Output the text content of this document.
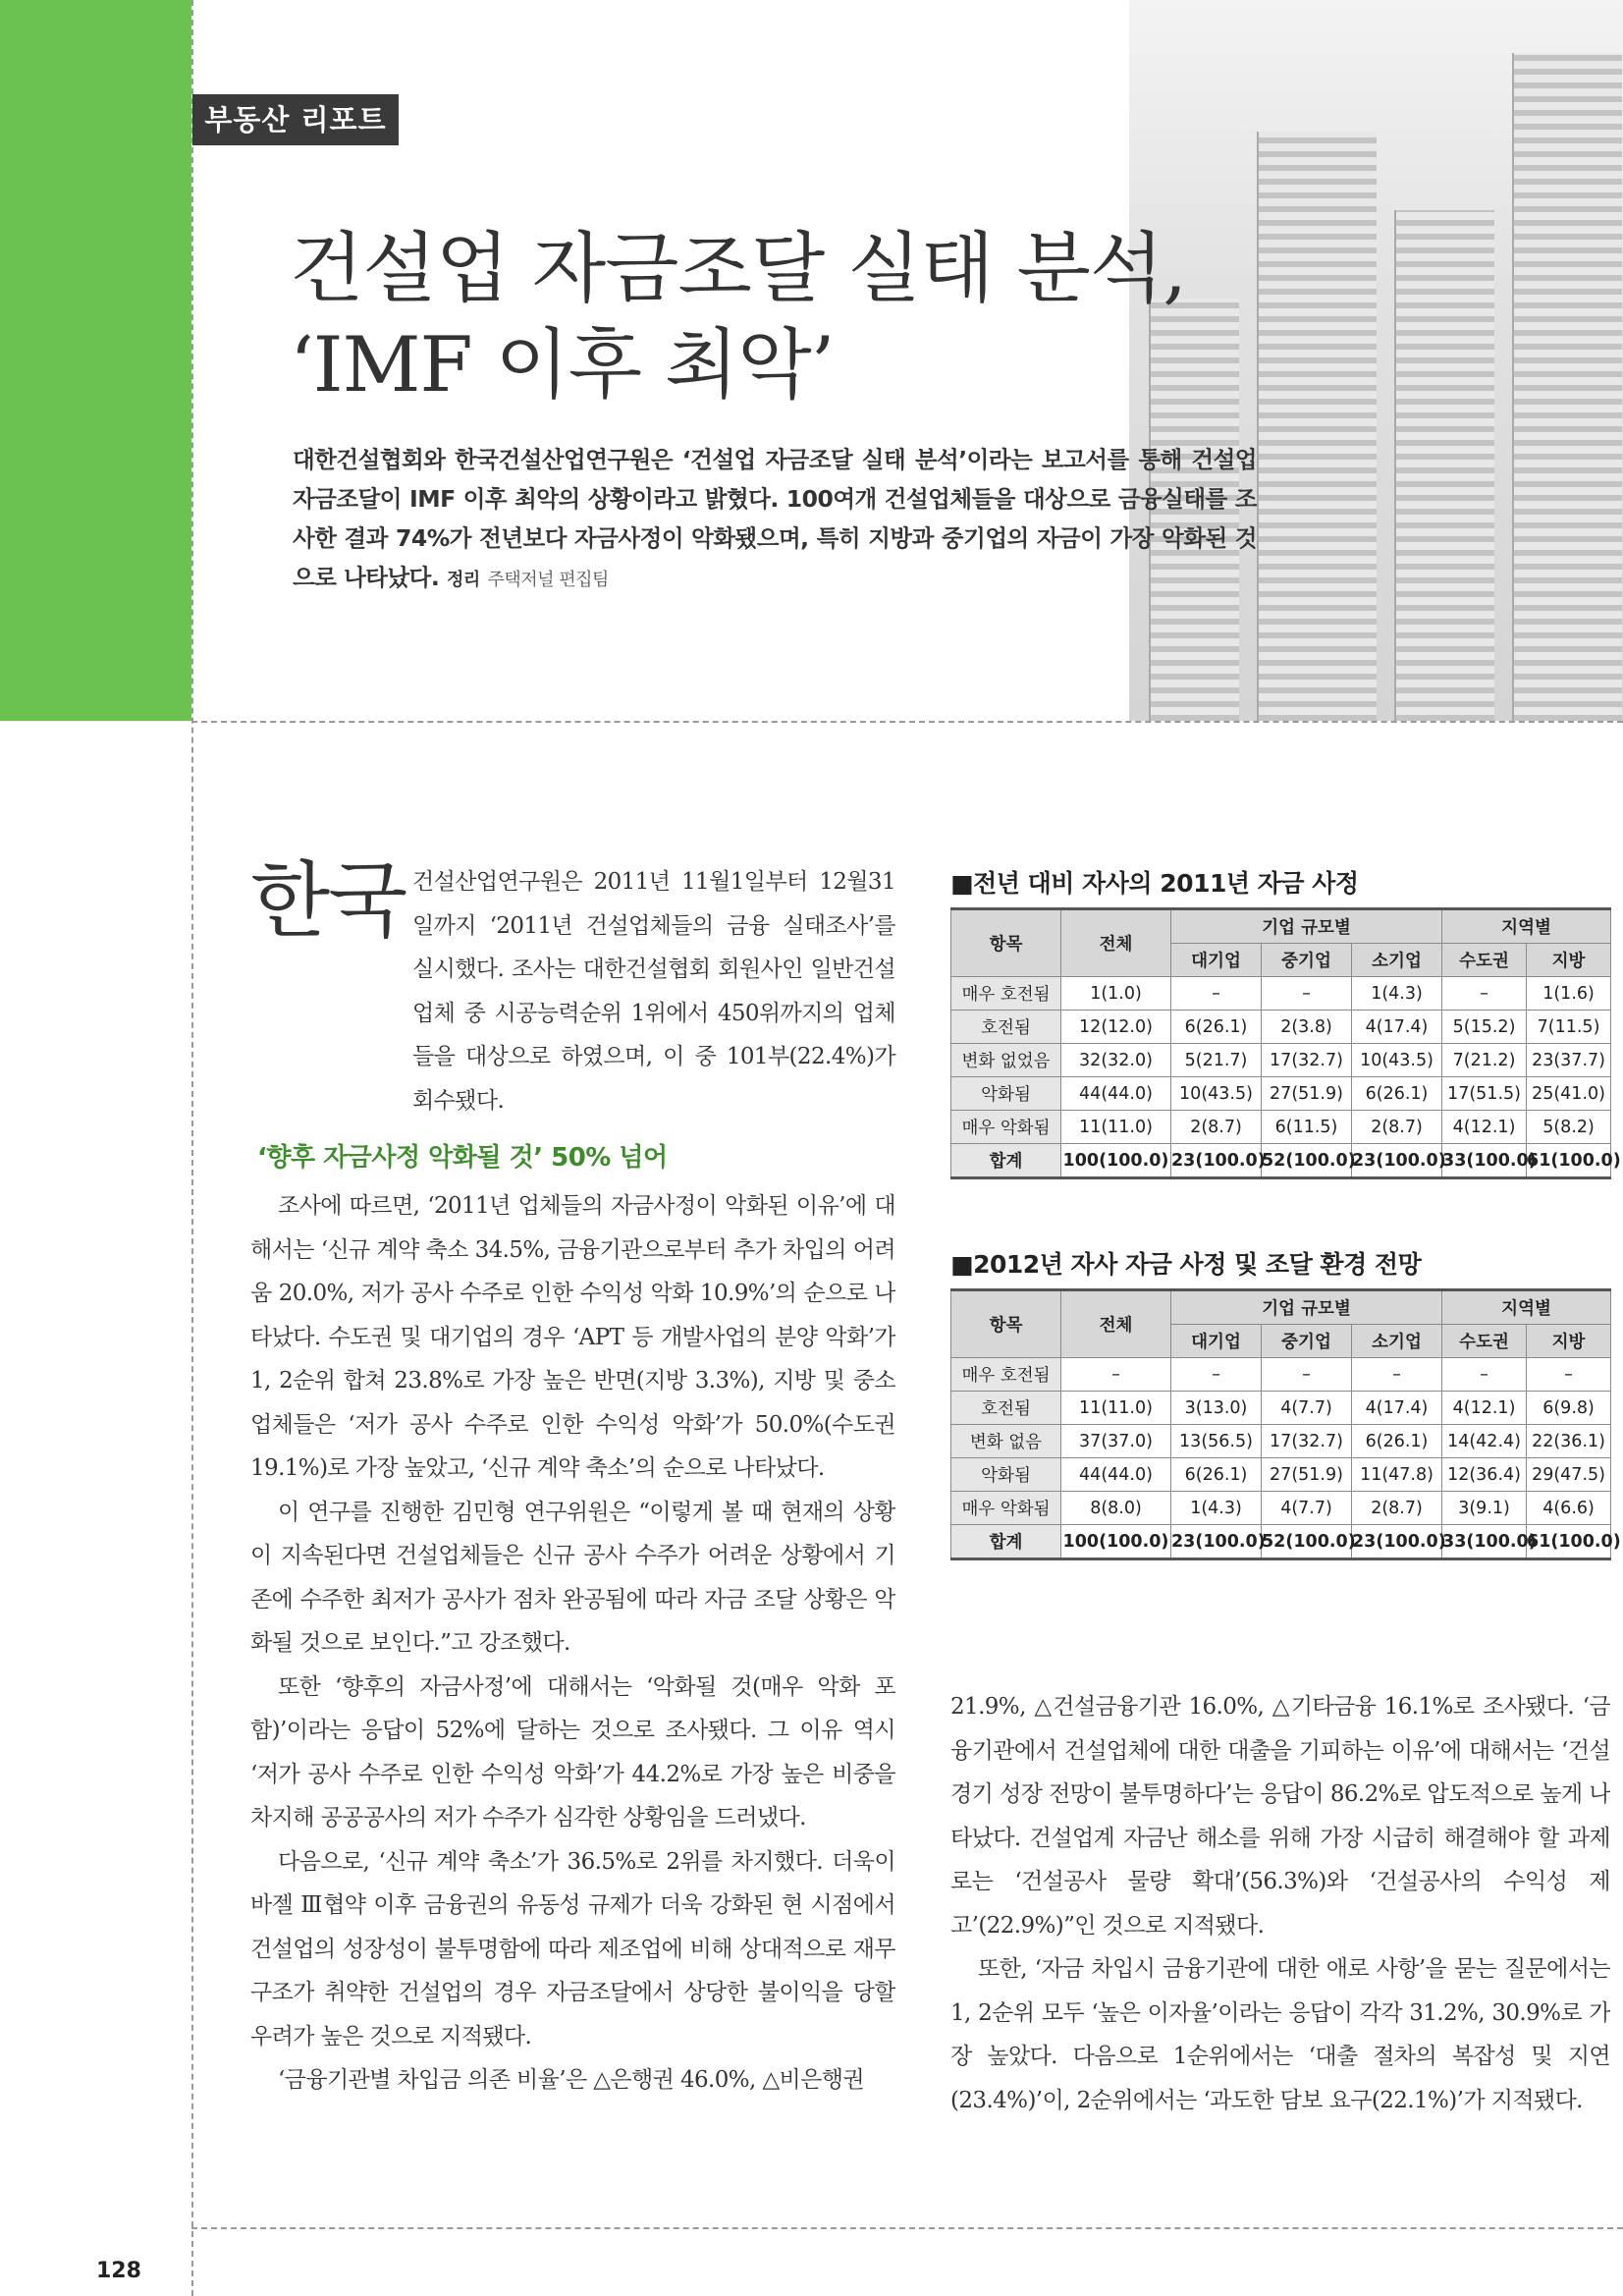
부동산 리포트
건설업 자금조달 실태 분석,
‘IMF 이후 최악’

대한건설협회와 한국건설산업연구원은 ‘건설업 자금조달 실태 분석’이라는 보고서를 통해 건설업 자금조달이 IMF 이후 최악의 상황이라고 밝혔다. 100여개 건설업체들을 대상으로 금융실태를 조사한 결과 74%가 전년보다 자금사정이 악화됐으며, 특히 지방과 중기업의 자금이 가장 악화된 것으로 나타났다. 정리 주택저널 편집팀

한국 건설산업연구원은 2011년 11월1일부터 12월31일까지 ‘2011년 건설업체들의 금융 실태조사’를 실시했다. 조사는 대한건설협회 회원사인 일반건설업체 중 시공능력순위 1위에서 450위까지의 업체들을 대상으로 하였으며, 이 중 101부(22.4%)가 회수됐다.

‘향후 자금사정 악화될 것’ 50% 넘어

조사에 따르면, ‘2011년 업체들의 자금사정이 악화된 이유’에 대해서는 ‘신규 계약 축소 34.5%, 금융기관으로부터 추가 차입의 어려움 20.0%, 저가 공사 수주로 인한 수익성 악화 10.9%’의 순으로 나타났다. 수도권 및 대기업의 경우 ‘APT 등 개발사업의 분양 악화’가 1, 2순위 합쳐 23.8%로 가장 높은 반면(지방 3.3%), 지방 및 중소 업체들은 ‘저가 공사 수주로 인한 수익성 악화’가 50.0%(수도권 19.1%)로 가장 높았고, ‘신규 계약 축소’의 순으로 나타났다.

이 연구를 진행한 김민형 연구위원은 “이렇게 볼 때 현재의 상황이 지속된다면 건설업체들은 신규 공사 수주가 어려운 상황에서 기존에 수주한 최저가 공사가 점차 완공됨에 따라 자금 조달 상황은 악화될 것으로 보인다.”고 강조했다.

또한 ‘향후의 자금사정’에 대해서는 ‘악화될 것(매우 악화 포함)’이라는 응답이 52%에 달하는 것으로 조사됐다. 그 이유 역시 ‘저가 공사 수주로 인한 수익성 악화’가 44.2%로 가장 높은 비중을 차지해 공공공사의 저가 수주가 심각한 상황임을 드러냈다.

다음으로, ‘신규 계약 축소’가 36.5%로 2위를 차지했다. 더욱이 바젤 Ⅲ협약 이후 금융권의 유동성 규제가 더욱 강화된 현 시점에서 건설업의 성장성이 불투명함에 따라 제조업에 비해 상대적으로 재무구조가 취약한 건설업의 경우 자금조달에서 상당한 불이익을 당할 우려가 높은 것으로 지적됐다.

‘금융기관별 차입금 의존 비율’은 △은행권 46.0%, △비은행권

21.9%, △건설금융기관 16.0%, △기타금융 16.1%로 조사됐다. ‘금융기관에서 건설업체에 대한 대출을 기피하는 이유’에 대해서는 ‘건설경기 성장 전망이 불투명하다’는 응답이 86.2%로 압도적으로 높게 나타났다. 건설업계 자금난 해소를 위해 가장 시급히 해결해야 할 과제로는 ‘건설공사 물량 확대’(56.3%)와 ‘건설공사의 수익성 제고’(22.9%)”인 것으로 지적됐다.

또한, ‘자금 차입시 금융기관에 대한 애로 사항’을 묻는 질문에서는 1, 2순위 모두 ‘높은 이자율’이라는 응답이 각각 31.2%, 30.9%로 가장 높았다. 다음으로 1순위에서는 ‘대출 절차의 복잡성 및 지연(23.4%)’이, 2순위에서는 ‘과도한 담보 요구(22.1%)’가 지적됐다.

■전년 대비 자사의 2011년 자금 사정
항목	전체	기업 규모별			지역별	
		대기업	중기업	소기업	수도권	지방
매우 호전됨	1(1.0)	–	–	1(4.3)	–	1(1.6)
호전됨	12(12.0)	6(26.1)	2(3.8)	4(17.4)	5(15.2)	7(11.5)
변화 없었음	32(32.0)	5(21.7)	17(32.7)	10(43.5)	7(21.2)	23(37.7)
악화됨	44(44.0)	10(43.5)	27(51.9)	6(26.1)	17(51.5)	25(41.0)
매우 악화됨	11(11.0)	2(8.7)	6(11.5)	2(8.7)	4(12.1)	5(8.2)
합계	100(100.0)	23(100.0)	52(100.0)	23(100.0)	33(100.0)	61(100.0)
■2012년 자사 자금 사정 및 조달 환경 전망
항목	전체	기업 규모별			지역별	
		대기업	중기업	소기업	수도권	지방
매우 호전됨	–	–	–	–	–	–
호전됨	11(11.0)	3(13.0)	4(7.7)	4(17.4)	4(12.1)	6(9.8)
변화 없음	37(37.0)	13(56.5)	17(32.7)	6(26.1)	14(42.4)	22(36.1)
악화됨	44(44.0)	6(26.1)	27(51.9)	11(47.8)	12(36.4)	29(47.5)
매우 악화됨	8(8.0)	1(4.3)	4(7.7)	2(8.7)	3(9.1)	4(6.6)
합계	100(100.0)	23(100.0)	52(100.0)	23(100.0)	33(100.0)	61(100.0)
128
